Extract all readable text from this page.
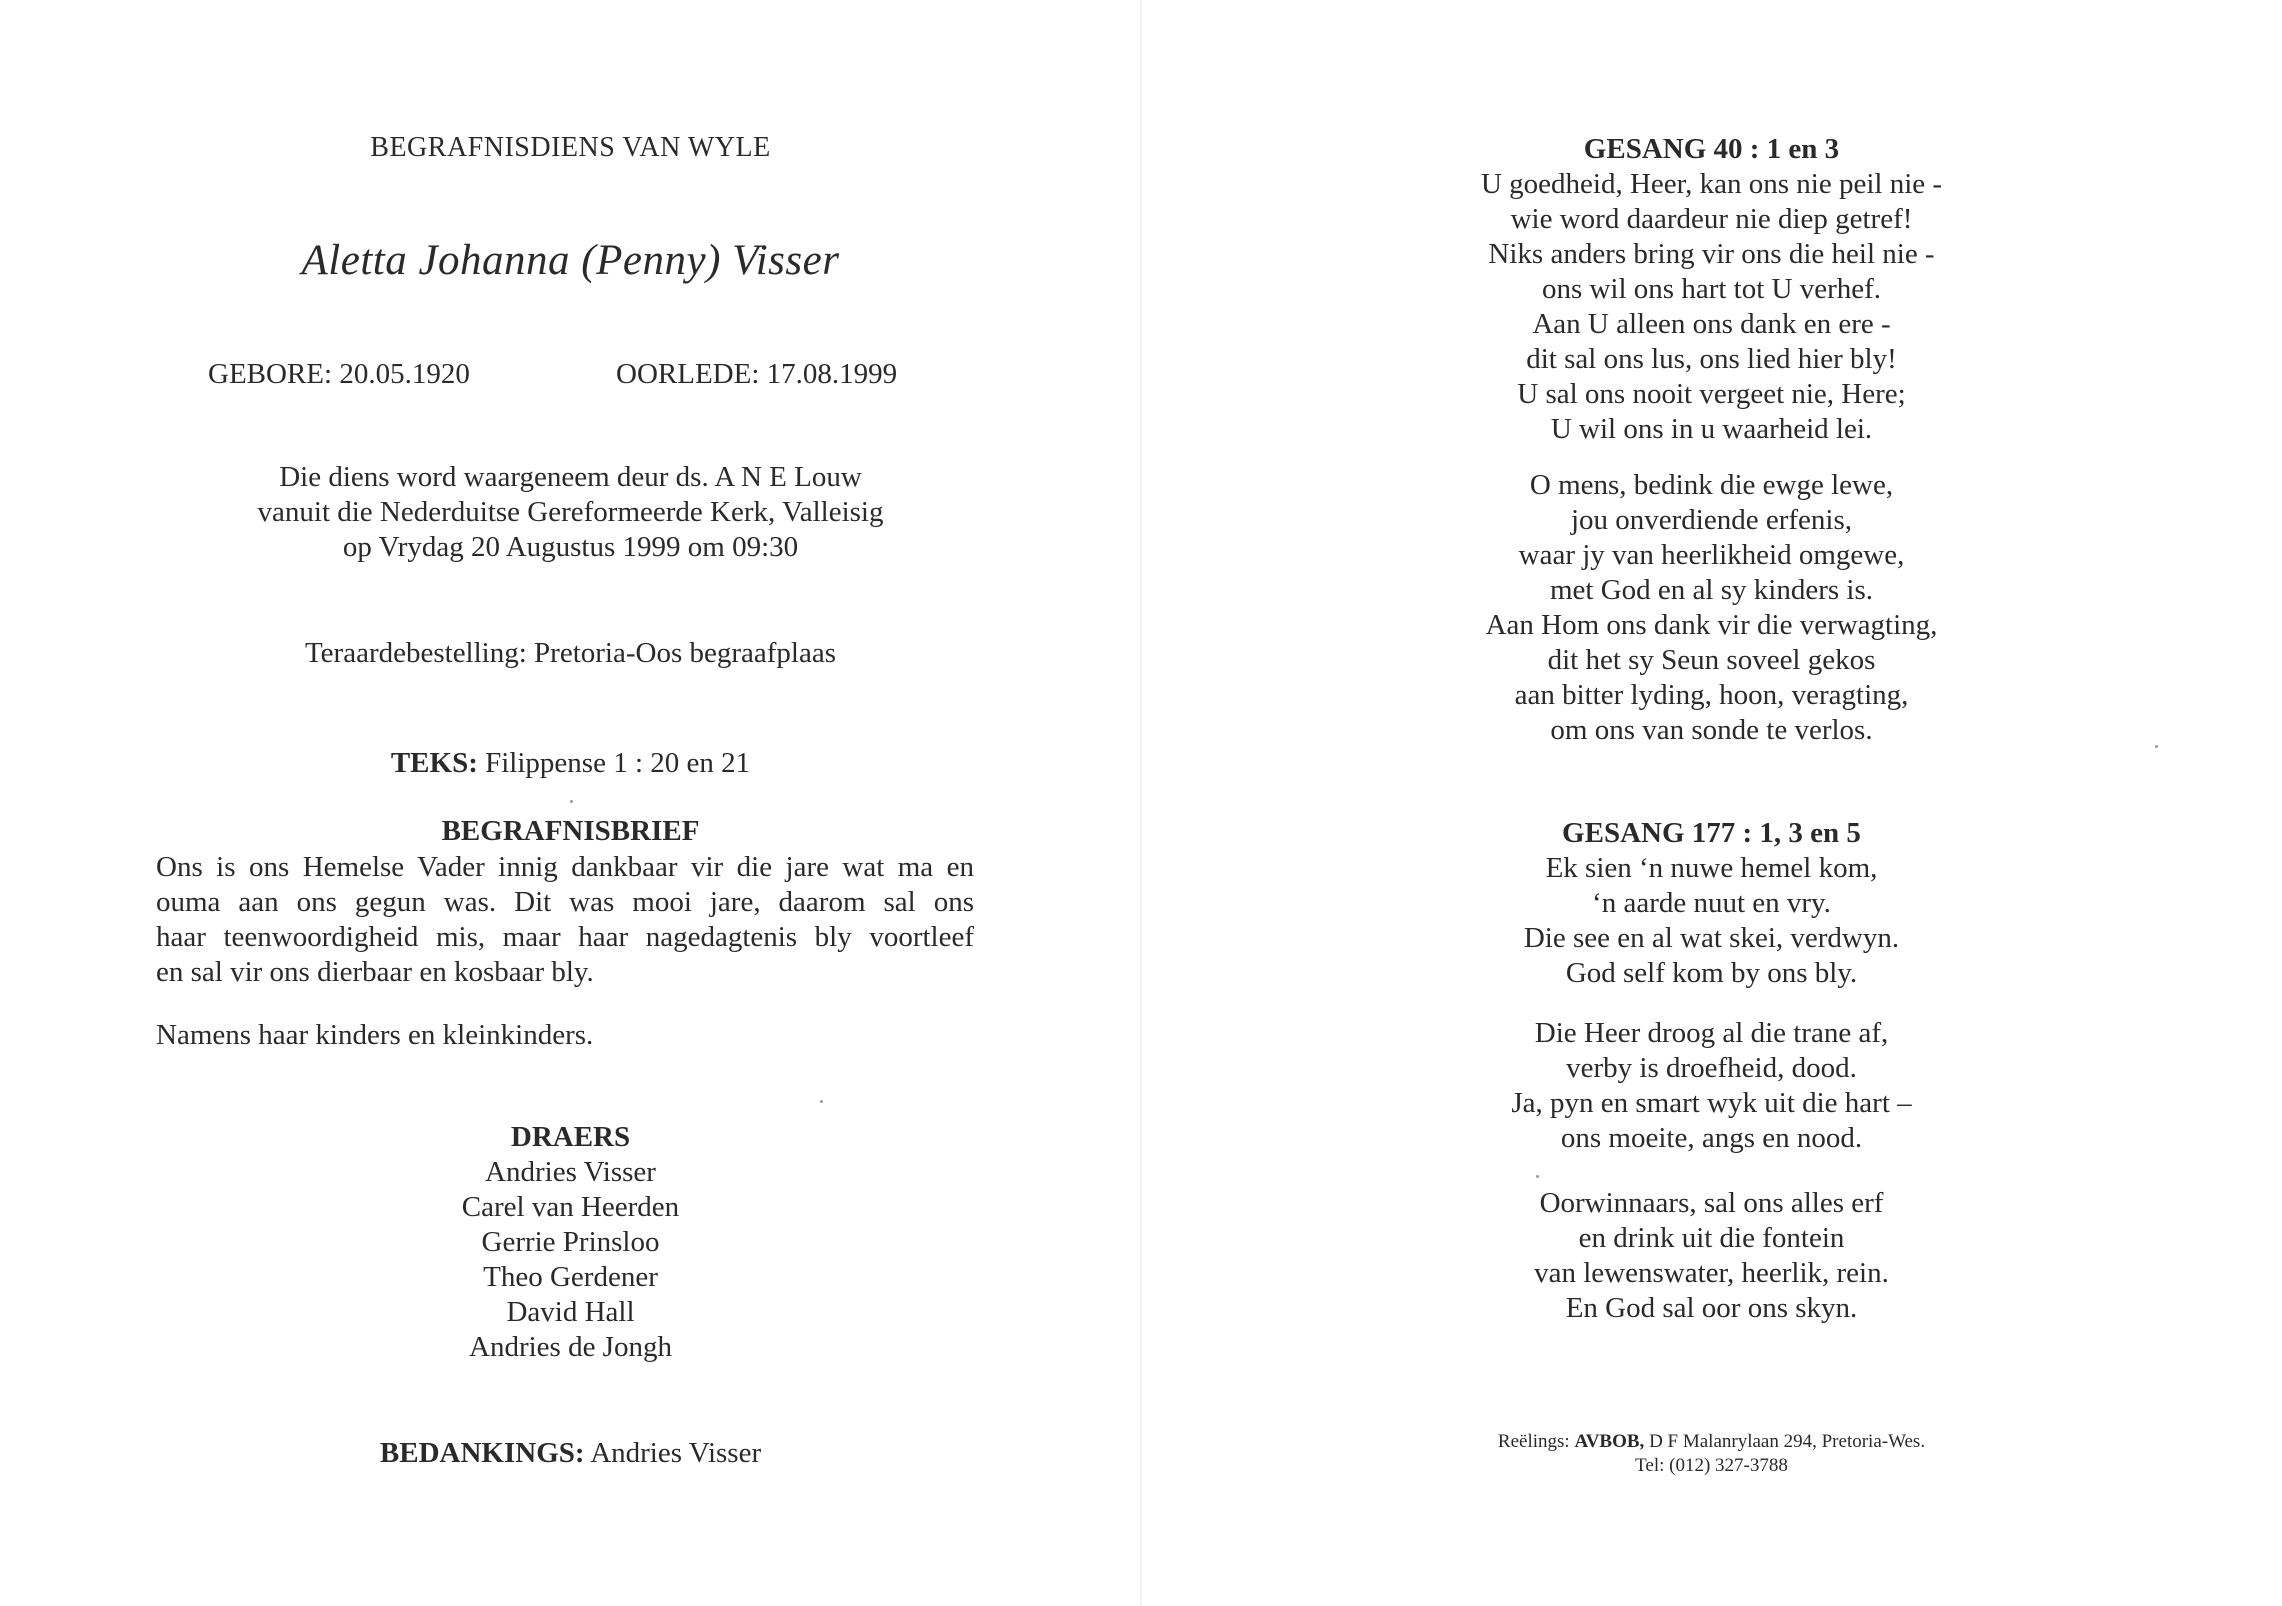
BEGRAFNISDIENS VAN WYLE
Aletta Johanna (Penny) Visser
GEBORE: 20.05.1920	OORLEDE: 17.08.1999
Die diens word waargeneem deur ds. A N E Louw
vanuit die Nederduitse Gereformeerde Kerk, Valleisig
op Vrydag 20 Augustus 1999 om 09:30
Teraardebestelling: Pretoria-Oos begraafplaas
TEKS: Filippense 1 : 20 en 21
BEGRAFNISBRIEF
Ons is ons Hemelse Vader innig dankbaar vir die jare wat ma en
ouma aan ons gegun was. Dit was mooi jare, daarom sal ons
haar teenwoordigheid mis, maar haar nagedagtenis bly voortleef
en sal vir ons dierbaar en kosbaar bly.
Namens haar kinders en kleinkinders.
DRAERS
Andries Visser
Carel van Heerden
Gerrie Prinsloo
Theo Gerdener
David Hall
Andries de Jongh
BEDANKINGS: Andries Visser
GESANG 40 : 1 en 3
U goedheid, Heer, kan ons nie peil nie -
wie word daardeur nie diep getref!
Niks anders bring vir ons die heil nie -
ons wil ons hart tot U verhef.
Aan U alleen ons dank en ere -
dit sal ons lus, ons lied hier bly!
U sal ons nooit vergeet nie, Here;
U wil ons in u waarheid lei.
O mens, bedink die ewge lewe,
jou onverdiende erfenis,
waar jy van heerlikheid omgewe,
met God en al sy kinders is.
Aan Hom ons dank vir die verwagting,
dit het sy Seun soveel gekos
aan bitter lyding, hoon, veragting,
om ons van sonde te verlos.
GESANG 177 : 1, 3 en 5
Ek sien ‘n nuwe hemel kom,
‘n aarde nuut en vry.
Die see en al wat skei, verdwyn.
God self kom by ons bly.
Die Heer droog al die trane af,
verby is droefheid, dood.
Ja, pyn en smart wyk uit die hart –
ons moeite, angs en nood.
Oorwinnaars, sal ons alles erf
en drink uit die fontein
van lewenswater, heerlik, rein.
En God sal oor ons skyn.
Reëlings: AVBOB, D F Malanrylaan 294, Pretoria-Wes.
Tel: (012) 327-3788
